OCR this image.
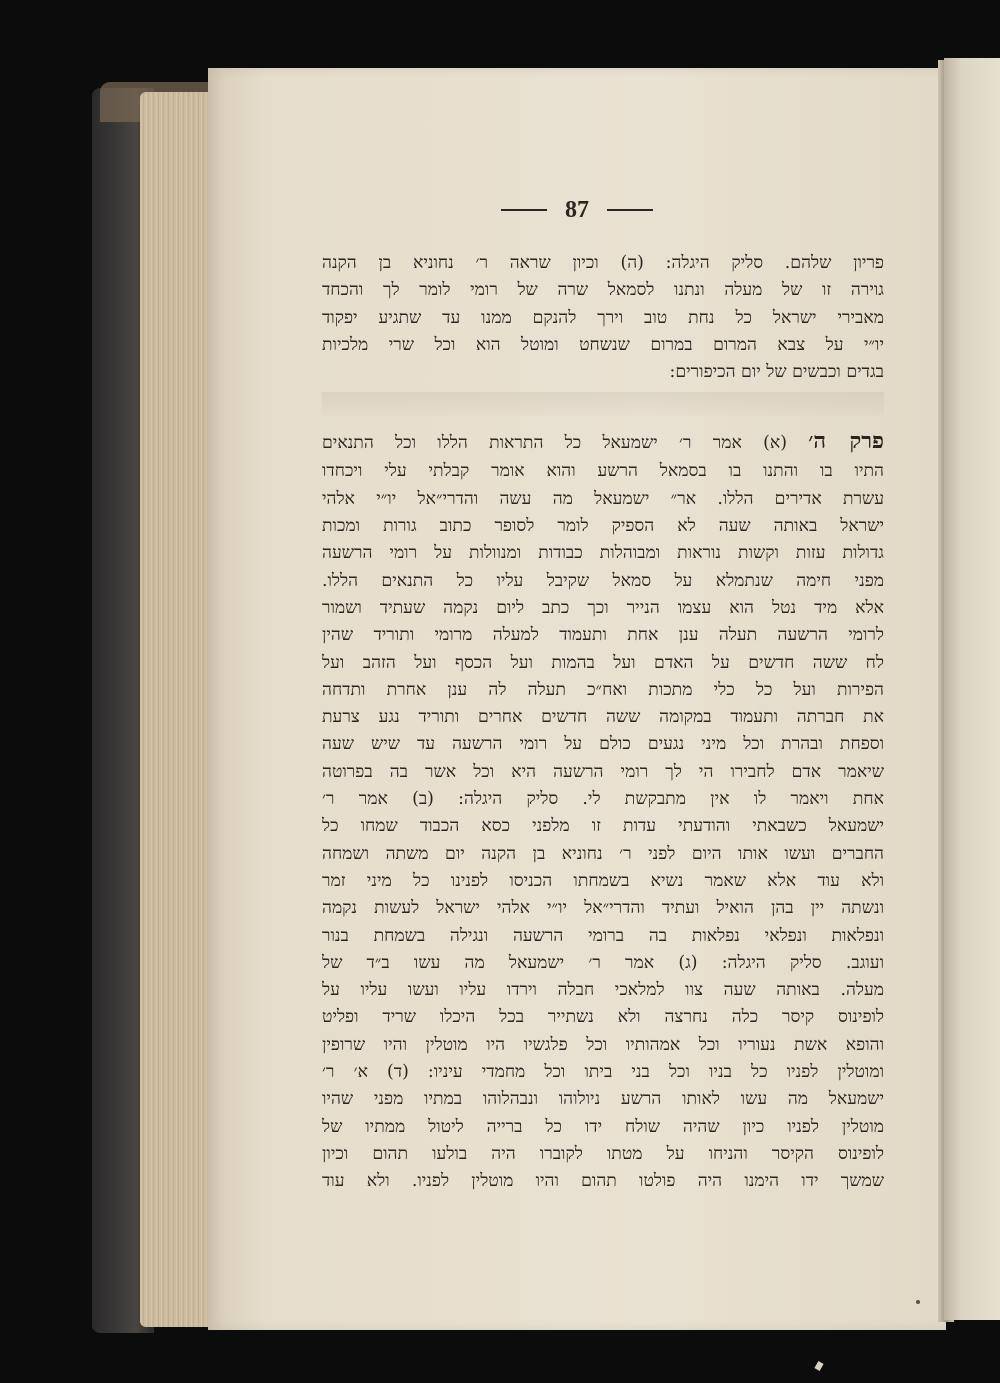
87
פריון שלהם. סליק היגלה: (ה) וכיון שראה ר׳ נחוניא בן הקנה
גוירה זו של מעלה ונתנו לסמאל שרה של רומי לומר לך והכחד
מאבירי ישראל כל נחת טוב וירך להנקם ממנו עד שתגיע יפקוד
יו״י על צבא המרום במרום שנשחט ומוטל הוא וכל שרי מלכיות
בגדים וכבשים של יום הכיפורים:
פרק ה׳ (א) אמר ר׳ ישמעאל כל התראות הללו וכל התנאים
התיו בו והתנו בו בסמאל הרשע והוא אומר קבלתי עלי ויכחדו
עשרת אדירים הללו. אר״ ישמעאל מה עשה והדרי״אל יו״י אלהי
ישראל באותה שעה לא הספיק לומר לסופר כתוב גורות ומכות
גדולות עזות וקשות נוראות ומבוהלות כבודות ומנוולות על רומי הרשעה
מפני חימה שנתמלא על סמאל שקיבל עליו כל התנאים הללו.
אלא מיד נטל הוא עצמו הנייר וכך כתב ליום נקמה שעתיד ושמור
לרומי הרשעה תעלה ענן אחת ותעמוד למעלה מרומי ותוריד שהין
לח ששה חדשים על האדם ועל בהמות ועל הכסף ועל הזהב ועל
הפירות ועל כל כלי מתכות ואח״כ תעלה לה ענן אחרת ותדחה
את חברתה ותעמוד במקומה ששה חדשים אחרים ותוריד נגע צרעת
וספחת ובהרת וכל מיני נגעים כולם על רומי הרשעה עד שיש שעה
שיאמר אדם לחבירו הי לך רומי הרשעה היא וכל אשר בה בפרוטה
אחת ויאמר לו אין מתבקשת לי. סליק היגלה: (ב) אמר ר׳
ישמעאל כשבאתי והודעתי עדות זו מלפני כסא הכבוד שמחו כל
החברים ועשו אותו היום לפני ר׳ נחוניא בן הקנה יום משתה ושמחה
ולא עוד אלא שאמר נשיא בשמחתו הכניסו לפנינו כל מיני זמר
ונשתה יין בהן הואיל ועתיד והדרי״אל יו״י אלהי ישראל לעשות נקמה
ונפלאות ונפלאי נפלאות בה ברומי הרשעה ונגילה בשמחת בנור
ועוגב. סליק היגלה: (ג) אמר ר׳ ישמעאל מה עשו ב״ד של
מעלה. באותה שעה צוו למלאכי חבלה וירדו עליו ועשו עליו על
לופינוס קיסר כלה נחרצה ולא נשתייר בכל היכלו שריד ופליט
והופא אשת נעוריו וכל אמהותיו וכל פלגשיו היו מוטלין והיו שרופין
ומוטלין לפניו כל בניו וכל בני ביתו וכל מחמדי עיניו: (ד) א׳ ר׳
ישמעאל מה עשו לאותו הרשע ניולוהו ונבהלוהו במתיו מפני שהיו
מוטלין לפניו כיון שהיה שולח ידו כל ברייה ליטול ממתיו של
לופינוס הקיסר והניחו על מטתו לקוברו היה בולעו תהום וכיון
שמשך ידו הימנו היה פולטו תהום והיו מוטלין לפניו. ולא עוד
